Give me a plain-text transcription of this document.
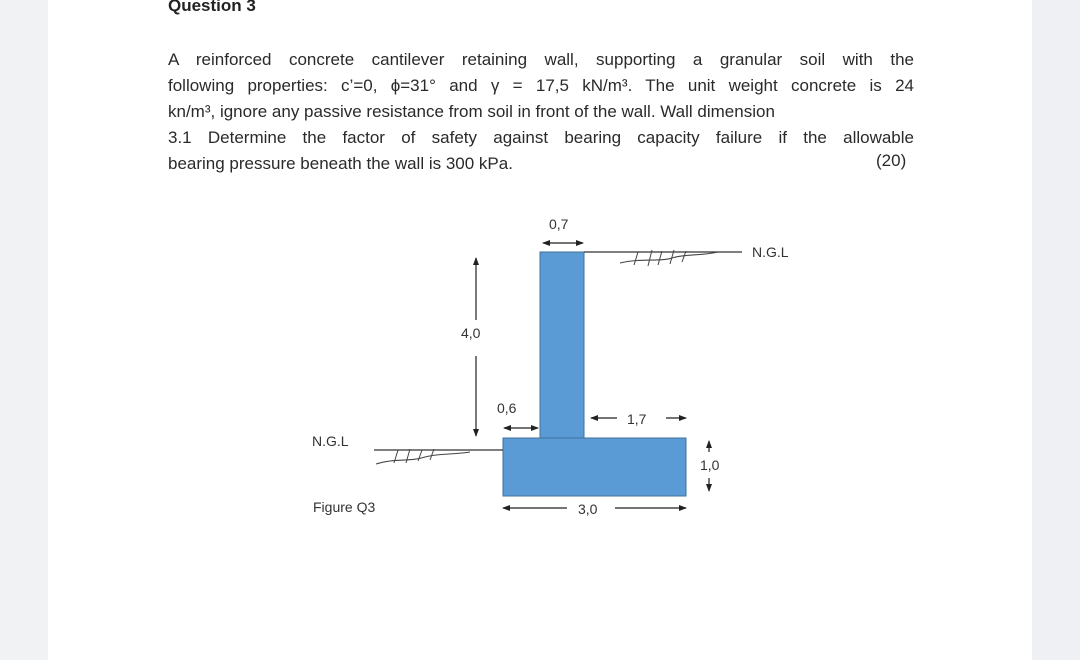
Question 3
A reinforced concrete cantilever retaining wall, supporting a granular soil with the
following properties: c’=0, ϕ=31° and γ = 17,5 kN/m³. The unit weight concrete is 24
kn/m³, ignore any passive resistance from soil in front of the wall. Wall dimension
3.1 Determine the factor of safety against bearing capacity failure if the allowable
bearing pressure beneath the wall is 300 kPa.	(20)
N.G.L
N.G.L
0,7
4,0
0,6
1,7
1,0
3,0
Figure Q3
